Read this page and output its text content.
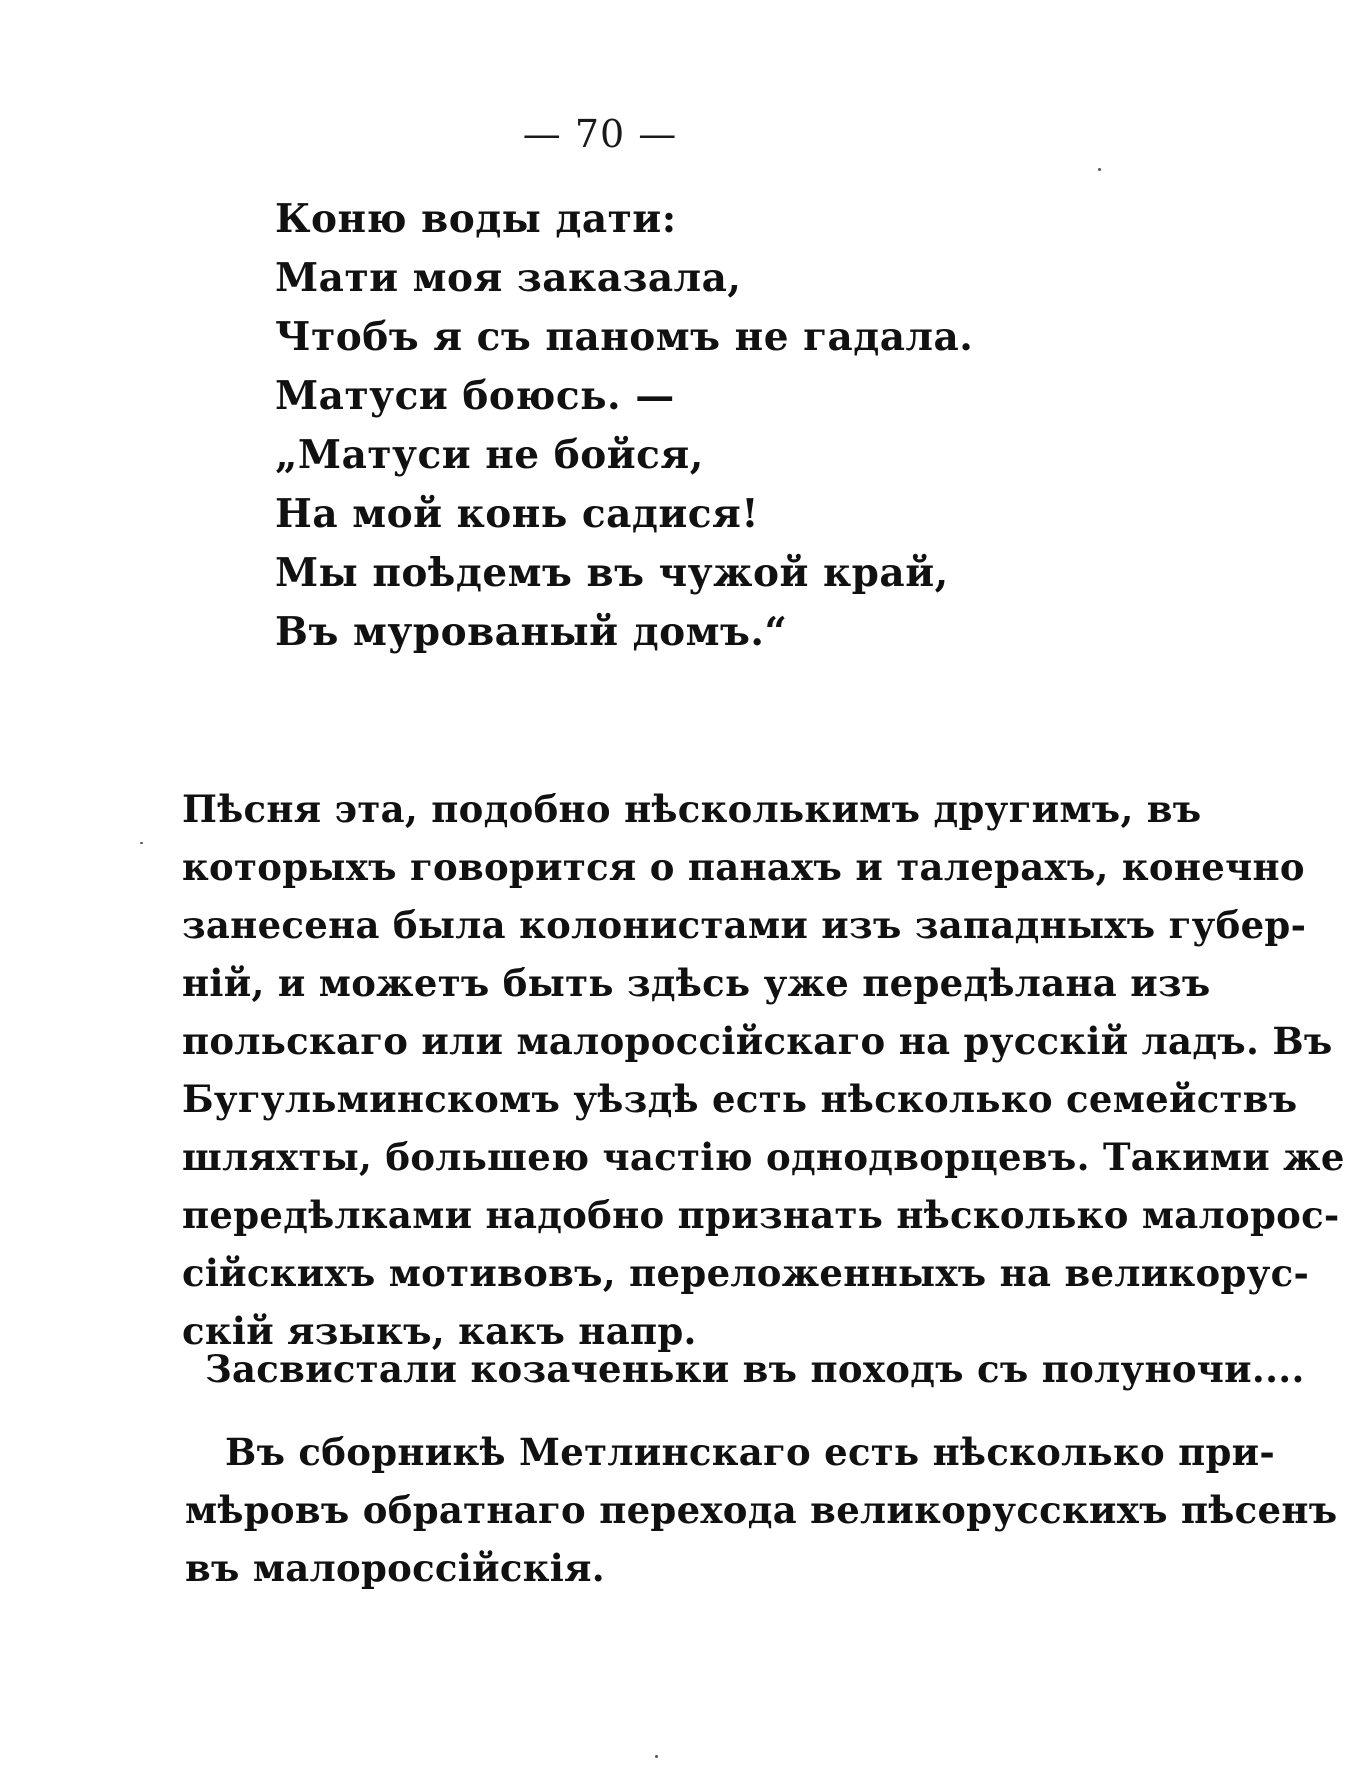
— 70 —
Коню воды дати:
Мати моя заказала,
Чтобъ я съ паномъ не гадала.
Матуси боюсь. —
„Матуси не бойся,
На мой конь садися!
Мы поѣдемъ въ чужой край,
Въ мурованый домъ.“
Пѣсня эта, подобно нѣсколькимъ другимъ, въ
которыхъ говорится о панахъ и талерахъ, конечно
занесена была колонистами изъ западныхъ губер-
ній, и можетъ быть здѣсь уже передѣлана изъ
польскаго или малороссійскаго на русскій ладъ. Въ
Бугульминскомъ уѣздѣ есть нѣсколько семействъ
шляхты, большею частію однодворцевъ. Такими же
передѣлками надобно признать нѣсколько малорос-
сійскихъ мотивовъ, переложенныхъ на великорус-
скій языкъ, какъ напр.
Засвистали козаченьки въ походъ съ полуночи....
Въ сборникѣ Метлинскаго есть нѣсколько при-
мѣровъ обратнаго перехода великорусскихъ пѣсенъ
въ малороссійскія.
